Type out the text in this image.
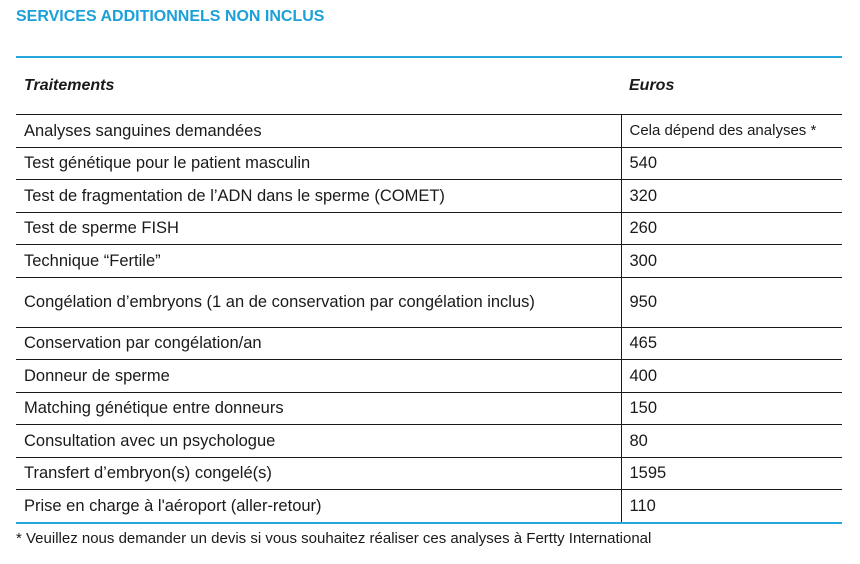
SERVICES ADDITIONNELS NON INCLUS
Traitements	Euros
Analyses sanguines demandées	Cela dépend des analyses *
Test génétique pour le patient masculin	540
Test de fragmentation de l’ADN dans le sperme (COMET)	320
Test de sperme FISH	260
Technique “Fertile”	300
Congélation d’embryons (1 an de conservation par congélation inclus)	950
Conservation par congélation/an	465
Donneur de sperme	400
Matching génétique entre donneurs	150
Consultation avec un psychologue	80
Transfert d’embryon(s) congelé(s)	1595
Prise en charge à l'aéroport (aller-retour)	110
* Veuillez nous demander un devis si vous souhaitez réaliser ces analyses à Fertty International
